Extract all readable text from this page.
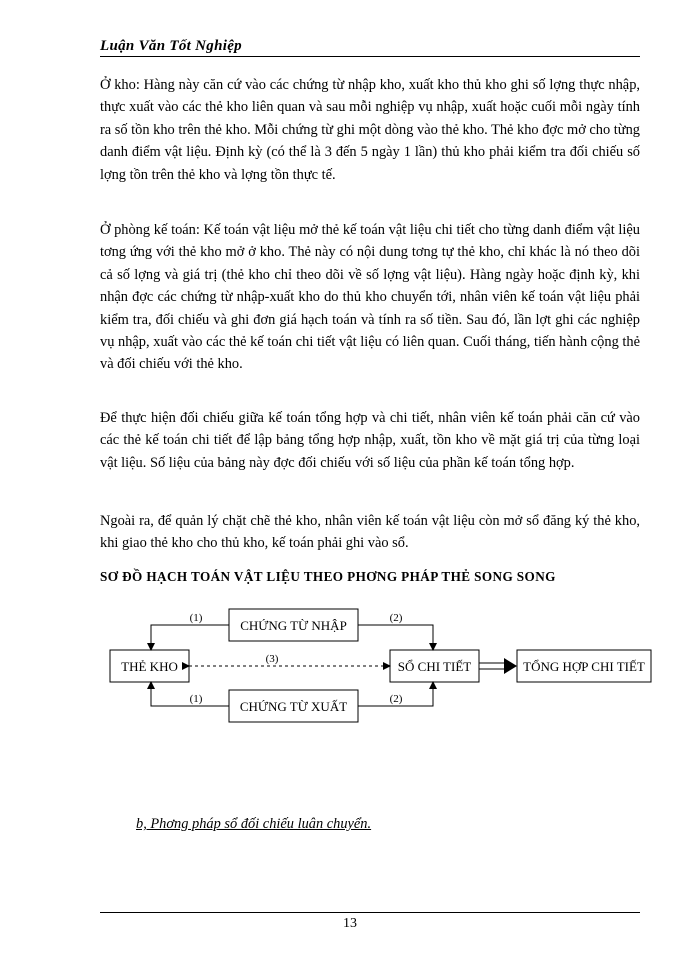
Luận Văn Tốt Nghiệp

Ở kho: Hàng này căn cứ vào các chứng từ nhập kho, xuất kho thủ kho ghi số lợng thực nhập, thực xuất vào các thẻ kho liên quan và sau mỗi nghiệp vụ nhập, xuất hoặc cuối mỗi ngày tính ra số tồn kho trên thẻ kho. Mỗi chứng từ ghi một dòng vào thẻ kho. Thẻ kho đợc mở cho từng danh điểm vật liệu. Định kỳ (có thể là 3 đến 5 ngày 1 lần) thủ kho phải kiểm tra đối chiếu số lợng tồn trên thẻ kho và lợng tồn thực tế.

Ở phòng kế toán: Kế toán vật liệu mở thẻ kế toán vật liệu chi tiết cho từng danh điểm vật liệu tơng ứng với thẻ kho mở ở kho. Thẻ này có nội dung tơng tự thẻ kho, chỉ khác là nó theo dõi cả số lợng và giá trị (thẻ kho chỉ theo dõi về số lợng vật liệu). Hàng ngày hoặc định kỳ, khi nhận đợc các chứng từ nhập-xuất kho do thủ kho chuyển tới, nhân viên kế toán vật liệu phải kiểm tra, đối chiếu và ghi đơn giá hạch toán và tính ra số tiền. Sau đó, lần lợt ghi các nghiệp vụ nhập, xuất vào các thẻ kế toán chi tiết vật liệu có liên quan. Cuối tháng, tiến hành cộng thẻ và đối chiếu với thẻ kho.

Để thực hiện đối chiếu giữa kế toán tổng hợp và chi tiết, nhân viên kế toán phải căn cứ vào các thẻ kế toán chi tiết để lập bảng tổng hợp nhập, xuất, tồn kho về mặt giá trị của từng loại vật liệu. Số liệu của bảng này đợc đối chiếu với số liệu của phần kế toán tổng hợp.

Ngoài ra, để quản lý chặt chẽ thẻ kho, nhân viên kế toán vật liệu còn mở sổ đăng ký thẻ kho, khi giao thẻ kho cho thủ kho, kế toán phải ghi vào sổ.

SƠ ĐỒ HẠCH TOÁN VẬT LIỆU THEO PHƠNG PHÁP THẺ SONG SONG
CHỨNG TỪ NHẬP
THẺ KHO	SỔ CHI TIẾT	TỔNG HỢP CHI TIẾT
CHỨNG TỪ XUẤT
(1)	(2)
(3)
(1)	(2)
b, Phơng pháp sổ đối chiếu luân chuyển.
13
